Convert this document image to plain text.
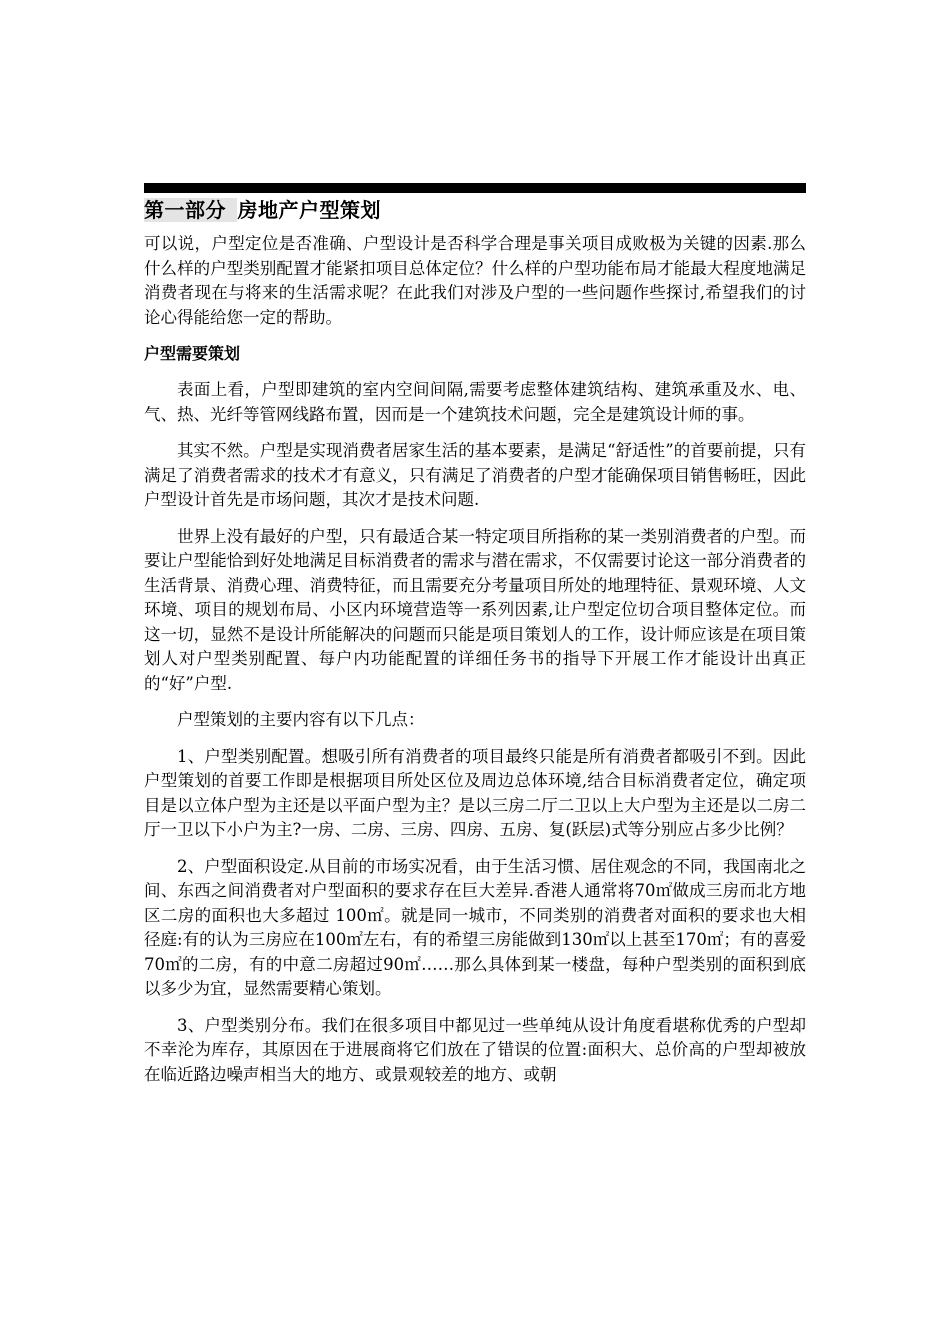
第一部分 房地产户型策划

可以说，户型定位是否准确、户型设计是否科学合理是事关项目成败极为关键的因素.那么什么样的户型类别配置才能紧扣项目总体定位？什么样的户型功能布局才能最大程度地满足消费者现在与将来的生活需求呢？在此我们对涉及户型的一些问题作些探讨,希望我们的讨论心得能给您一定的帮助。

户型需要策划

表面上看，户型即建筑的室内空间间隔,需要考虑整体建筑结构、建筑承重及水、电、气、热、光纤等管网线路布置，因而是一个建筑技术问题，完全是建筑设计师的事。

其实不然。户型是实现消费者居家生活的基本要素，是满足“舒适性”的首要前提，只有满足了消费者需求的技术才有意义，只有满足了消费者的户型才能确保项目销售畅旺，因此户型设计首先是市场问题，其次才是技术问题.

世界上没有最好的户型，只有最适合某一特定项目所指称的某一类别消费者的户型。而要让户型能恰到好处地满足目标消费者的需求与潜在需求，不仅需要讨论这一部分消费者的生活背景、消费心理、消费特征，而且需要充分考量项目所处的地理特征、景观环境、人文环境、项目的规划布局、小区内环境营造等一系列因素,让户型定位切合项目整体定位。而这一切，显然不是设计所能解决的问题而只能是项目策划人的工作，设计师应该是在项目策划人对户型类别配置、每户内功能配置的详细任务书的指导下开展工作才能设计出真正的“好”户型.

户型策划的主要内容有以下几点：

1、户型类别配置。想吸引所有消费者的项目最终只能是所有消费者都吸引不到。因此户型策划的首要工作即是根据项目所处区位及周边总体环境,结合目标消费者定位，确定项目是以立体户型为主还是以平面户型为主？是以三房二厅二卫以上大户型为主还是以二房二厅一卫以下小户为主?一房、二房、三房、四房、五房、复(跃层)式等分别应占多少比例？

2、户型面积设定.从目前的市场实况看，由于生活习惯、居住观念的不同，我国南北之间、东西之间消费者对户型面积的要求存在巨大差异.香港人通常将70㎡做成三房而北方地区二房的面积也大多超过 100㎡。就是同一城市，不同类别的消费者对面积的要求也大相径庭:有的认为三房应在100㎡左右，有的希望三房能做到130㎡以上甚至170㎡；有的喜爱70㎡的二房，有的中意二房超过90㎡……那么具体到某一楼盘，每种户型类别的面积到底以多少为宜，显然需要精心策划。

3、户型类别分布。我们在很多项目中都见过一些单纯从设计角度看堪称优秀的户型却不幸沦为库存，其原因在于进展商将它们放在了错误的位置:面积大、总价高的户型却被放在临近路边噪声相当大的地方、或景观较差的地方、或朝
